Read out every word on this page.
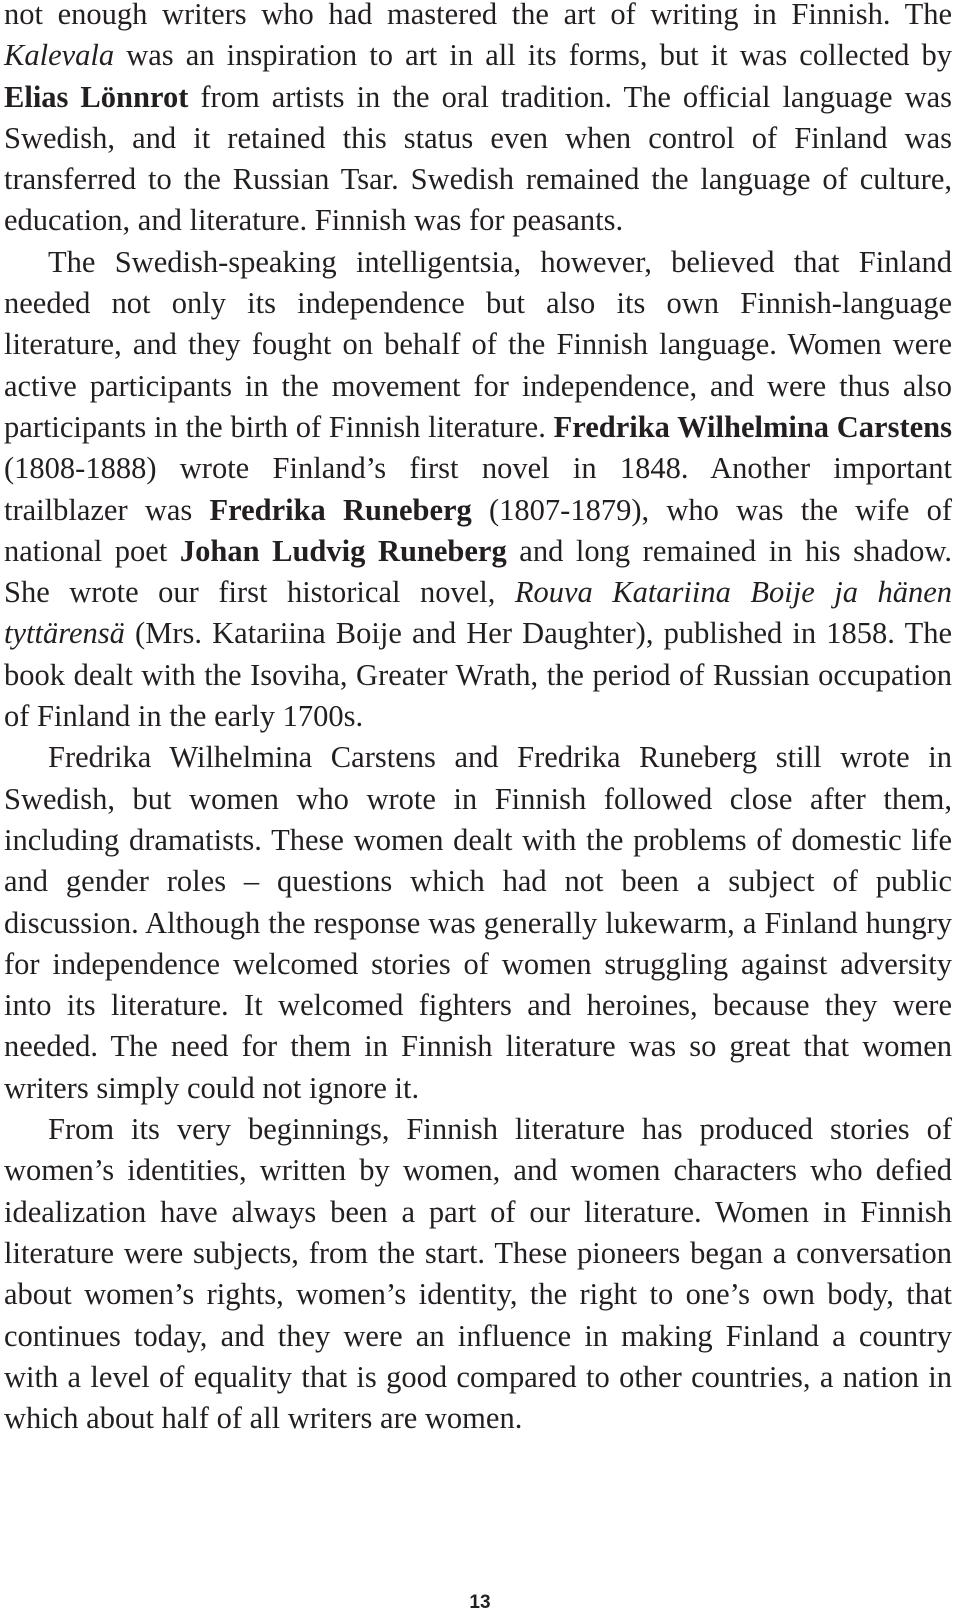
not enough writers who had mastered the art of writing in Finnish. The Kalevala was an inspiration to art in all its forms, but it was collected by Elias Lönnrot from artists in the oral tradition. The official language was Swedish, and it retained this status even when control of Finland was transferred to the Russian Tsar. Swedish remained the language of culture, education, and literature. Finnish was for peasants.

The Swedish-speaking intelligentsia, however, believed that Finland needed not only its independence but also its own Finnish-language literature, and they fought on behalf of the Finnish language. Women were active participants in the movement for independence, and were thus also participants in the birth of Finnish literature. Fredrika Wilhelmina Carstens (1808-1888) wrote Finland’s first novel in 1848. Another important trailblazer was Fredrika Runeberg (1807-1879), who was the wife of national poet Johan Ludvig Runeberg and long remained in his shadow. She wrote our first historical novel, Rouva Katariina Boije ja hänen tyttärensä (Mrs. Katariina Boije and Her Daughter), published in 1858. The book dealt with the Isoviha, Greater Wrath, the period of Russian occupation of Finland in the early 1700s.

Fredrika Wilhelmina Carstens and Fredrika Runeberg still wrote in Swedish, but women who wrote in Finnish followed close after them, including dramatists. These women dealt with the problems of domestic life and gender roles – questions which had not been a subject of public discussion. Although the response was generally lukewarm, a Finland hungry for independence welcomed stories of women struggling against adversity into its literature. It welcomed fighters and heroines, because they were needed. The need for them in Finnish literature was so great that women writers simply could not ignore it.

From its very beginnings, Finnish literature has produced stories of women’s identities, written by women, and women characters who defied idealization have always been a part of our literature. Women in Finnish literature were subjects, from the start. These pioneers began a conversation about women’s rights, women’s identity, the right to one’s own body, that continues today, and they were an influence in making Finland a country with a level of equality that is good compared to other countries, a nation in which about half of all writers are women.

13
